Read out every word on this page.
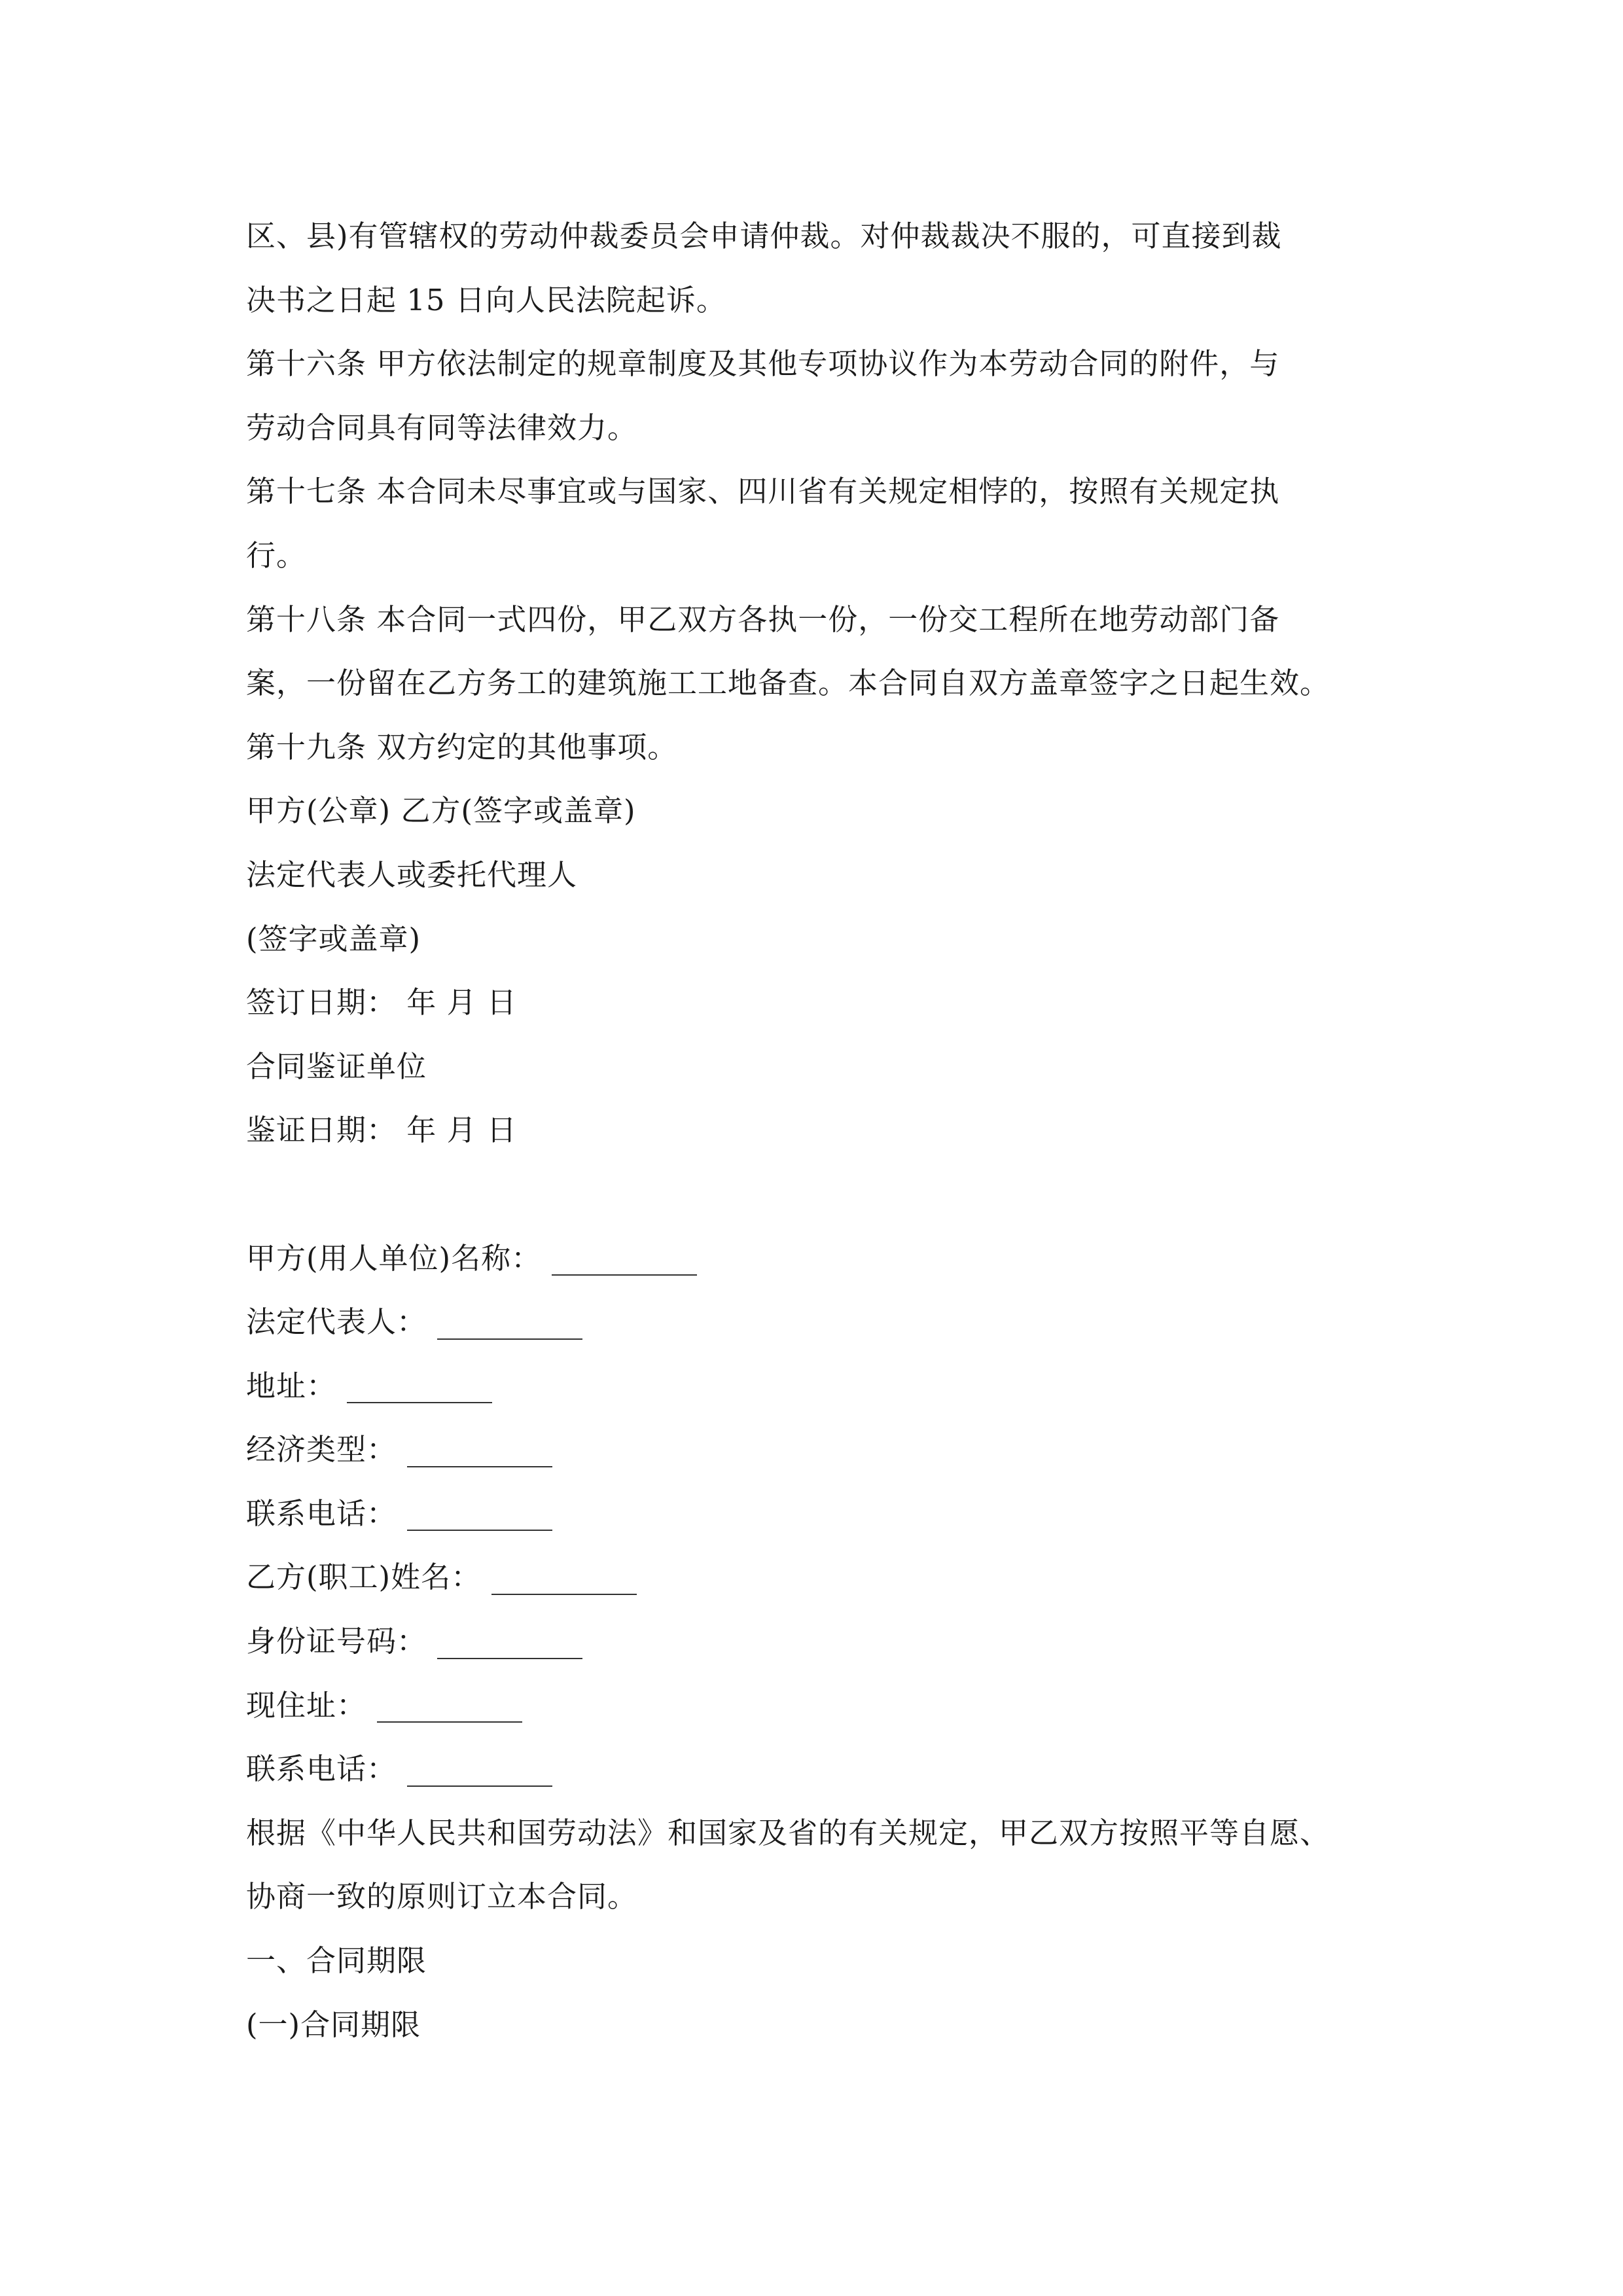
区、县)有管辖权的劳动仲裁委员会申请仲裁。对仲裁裁决不服的，可直接到裁
决书之日起 15 日向人民法院起诉。
第十六条 甲方依法制定的规章制度及其他专项协议作为本劳动合同的附件，与
劳动合同具有同等法律效力。
第十七条 本合同未尽事宜或与国家、四川省有关规定相悖的，按照有关规定执
行。
第十八条 本合同一式四份，甲乙双方各执一份，一份交工程所在地劳动部门备
案，一份留在乙方务工的建筑施工工地备查。本合同自双方盖章签字之日起生效。
第十九条 双方约定的其他事项。
甲方(公章) 乙方(签字或盖章)
法定代表人或委托代理人
(签字或盖章)
签订日期： 年 月 日
合同鉴证单位
鉴证日期： 年 月 日
甲方(用人单位)名称：
法定代表人：
地址：
经济类型：
联系电话：
乙方(职工)姓名：
身份证号码：
现住址：
联系电话：
根据《中华人民共和国劳动法》和国家及省的有关规定，甲乙双方按照平等自愿、
协商一致的原则订立本合同。
一、合同期限
(一)合同期限
